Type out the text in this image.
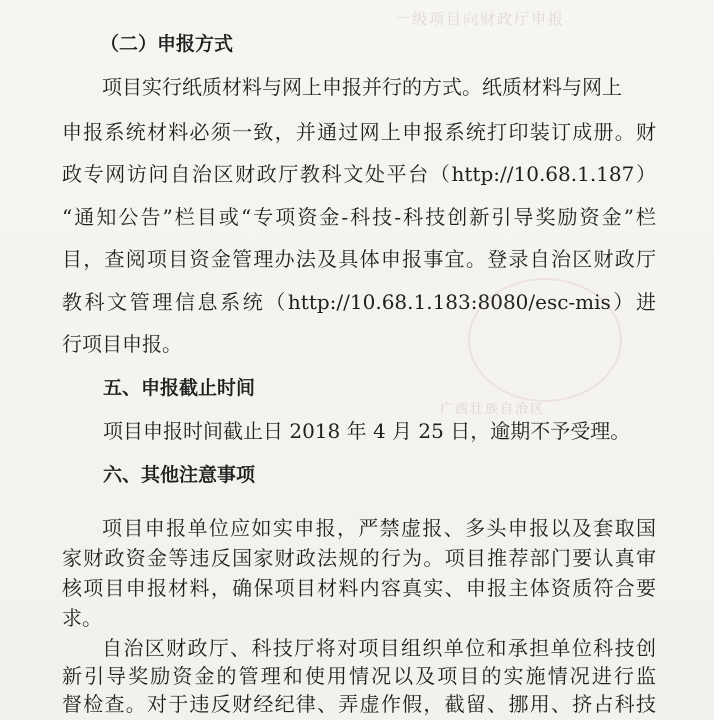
一级项目向财政厅申报
广西壮族自治区
（二）申报方式
项目实行纸质材料与网上申报并行的方式。纸质材料与网上
申报系统材料必须一致，并通过网上申报系统打印装订成册。财
政专网访问自治区财政厅教科文处平台（http://10.68.1.187）
“通知公告”栏目或“专项资金-科技-科技创新引导奖励资金”栏
目，查阅项目资金管理办法及具体申报事宜。登录自治区财政厅
教科文管理信息系统（http://10.68.1.183:8080/esc-mis）进
行项目申报。
五、申报截止时间
项目申报时间截止日 2018 年 4 月 25 日，逾期不予受理。
六、其他注意事项
项目申报单位应如实申报，严禁虚报、多头申报以及套取国
家财政资金等违反国家财政法规的行为。项目推荐部门要认真审
核项目申报材料，确保项目材料内容真实、申报主体资质符合要
求。
自治区财政厅、科技厅将对项目组织单位和承担单位科技创
新引导奖励资金的管理和使用情况以及项目的实施情况进行监
督检查。对于违反财经纪律、弄虚作假，截留、挪用、挤占科技
